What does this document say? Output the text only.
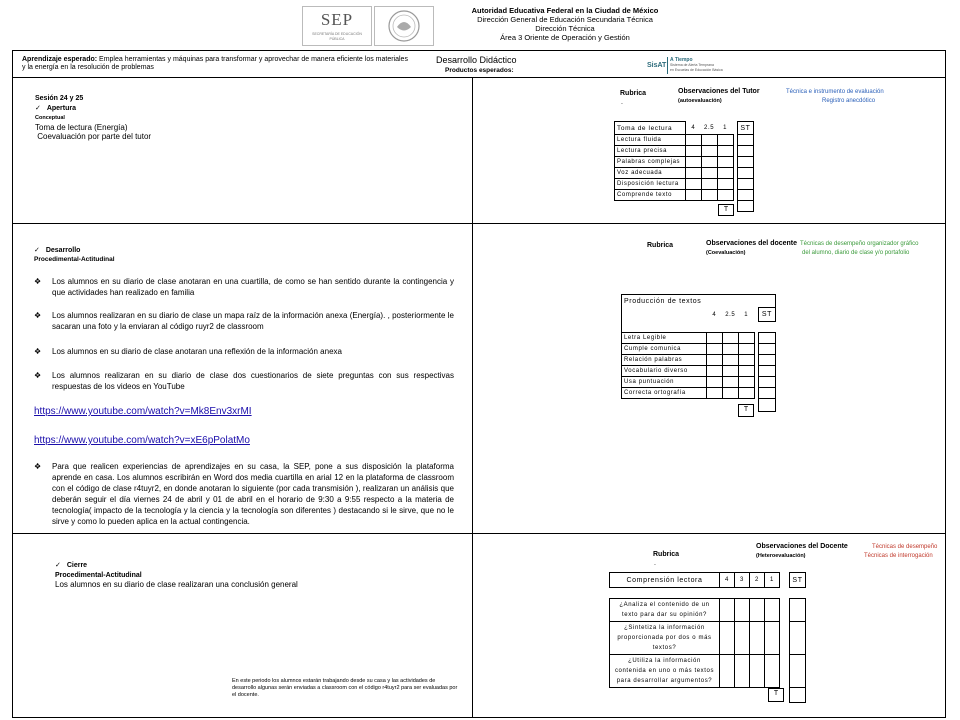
SEP
SECRETARÍA DE EDUCACIÓN PÚBLICA
Autoridad Educativa Federal en la Ciudad de México
Dirección General de Educación Secundaria Técnica
Dirección Técnica
Área 3 Oriente de Operación y Gestión
Aprendizaje esperado: Emplea herramientas y máquinas para transformar y aprovechar de manera eficiente los materiales
y la energía en la resolución de problemas
Desarrollo Didáctico
Productos esperados:
SisAT
A Tiempo
Sistema de Alerta Temprana
en Escuelas de Educación Básica
Sesión 24 y 25
✓ Apertura
Conceptual
Toma de lectura (Energía)
Coevaluación por parte del tutor
Rubrica
.
Observaciones del Tutor
(autoevaluación)
Técnica e instrumento de evaluación
Registro anecdótico
Toma de lectura	4	2.5	1		ST
Lectura fluida					
Lectura precisa					
Palabras complejas					
Voz adecuada					
Disposición lectura					
Comprende texto					

T
✓ Desarrollo
Procedimental-Actitudinal
❖ Los alumnos en su diario de clase anotaran en una cuartilla, de como se han sentido durante la contingencia y que actividades han realizado en familia
❖ Los alumnos realizaran en su diario de clase un mapa raíz de la información anexa (Energía). , posteriormente le sacaran una foto y la enviaran al código ruyr2 de classroom
❖ Los alumnos en su diario de clase anotaran una reflexión de la información anexa
❖ Los alumnos realizaran en su diario de clase dos cuestionarios de siete preguntas con sus respectivas respuestas de los videos en YouTube
https://www.youtube.com/watch?v=Mk8Env3xrMI
https://www.youtube.com/watch?v=xE6pPolatMo
❖ Para que realicen experiencias de aprendizajes en su casa, la SEP, pone a sus disposición la plataforma aprende en casa. Los alumnos escribirán en Word dos media cuartilla en arial 12 en la plataforma de classroom con el código de clase r4tuyr2, en donde anotaran lo siguiente (por cada transmisión ), realizaran un análisis que deberán seguir el día viernes 24 de abril y 01 de abril en el horario de 9:30 a 9:55 respecto a la materia de tecnología( impacto de la tecnología y la ciencia y la tecnología son diferentes ) destacando si le sirve, que no le sirve y como lo pueden aplica en la actual contingencia.
Rubrica	Observaciones del docente
(Coevaluación)
Técnicas de desempeño organizador gráfico
del alumno, diario de clase y/o portafolio
Producción de textos					
	4	2.5	1		ST

Letra Legible					
Cumple comunica					
Relación palabras					
Vocabulario diverso					
Usa puntuación					
Correcta ortografía					

T
✓ Cierre
Procedimental-Actitudinal
Los alumnos en su diario de clase realizaran una conclusión general
En este periodo los alumnos estarán trabajando desde su casa y las actividades de desarrollo algunas serán enviadas a classroom con el código r4tuyr2 para ser evaluadas por el docente.
Rubrica
.
Observaciones del Docente
(Heteroevaluación)
Técnicas de desempeño
Técnicas de interrogación
Comprensión lectora	4	3	2	1		ST

¿Analiza el contenido de un texto para dar su opinión?						
¿Sintetiza la información proporcionada por dos o más textos?						
¿Utiliza la información contenida en uno o más textos para desarrollar argumentos?						

T
